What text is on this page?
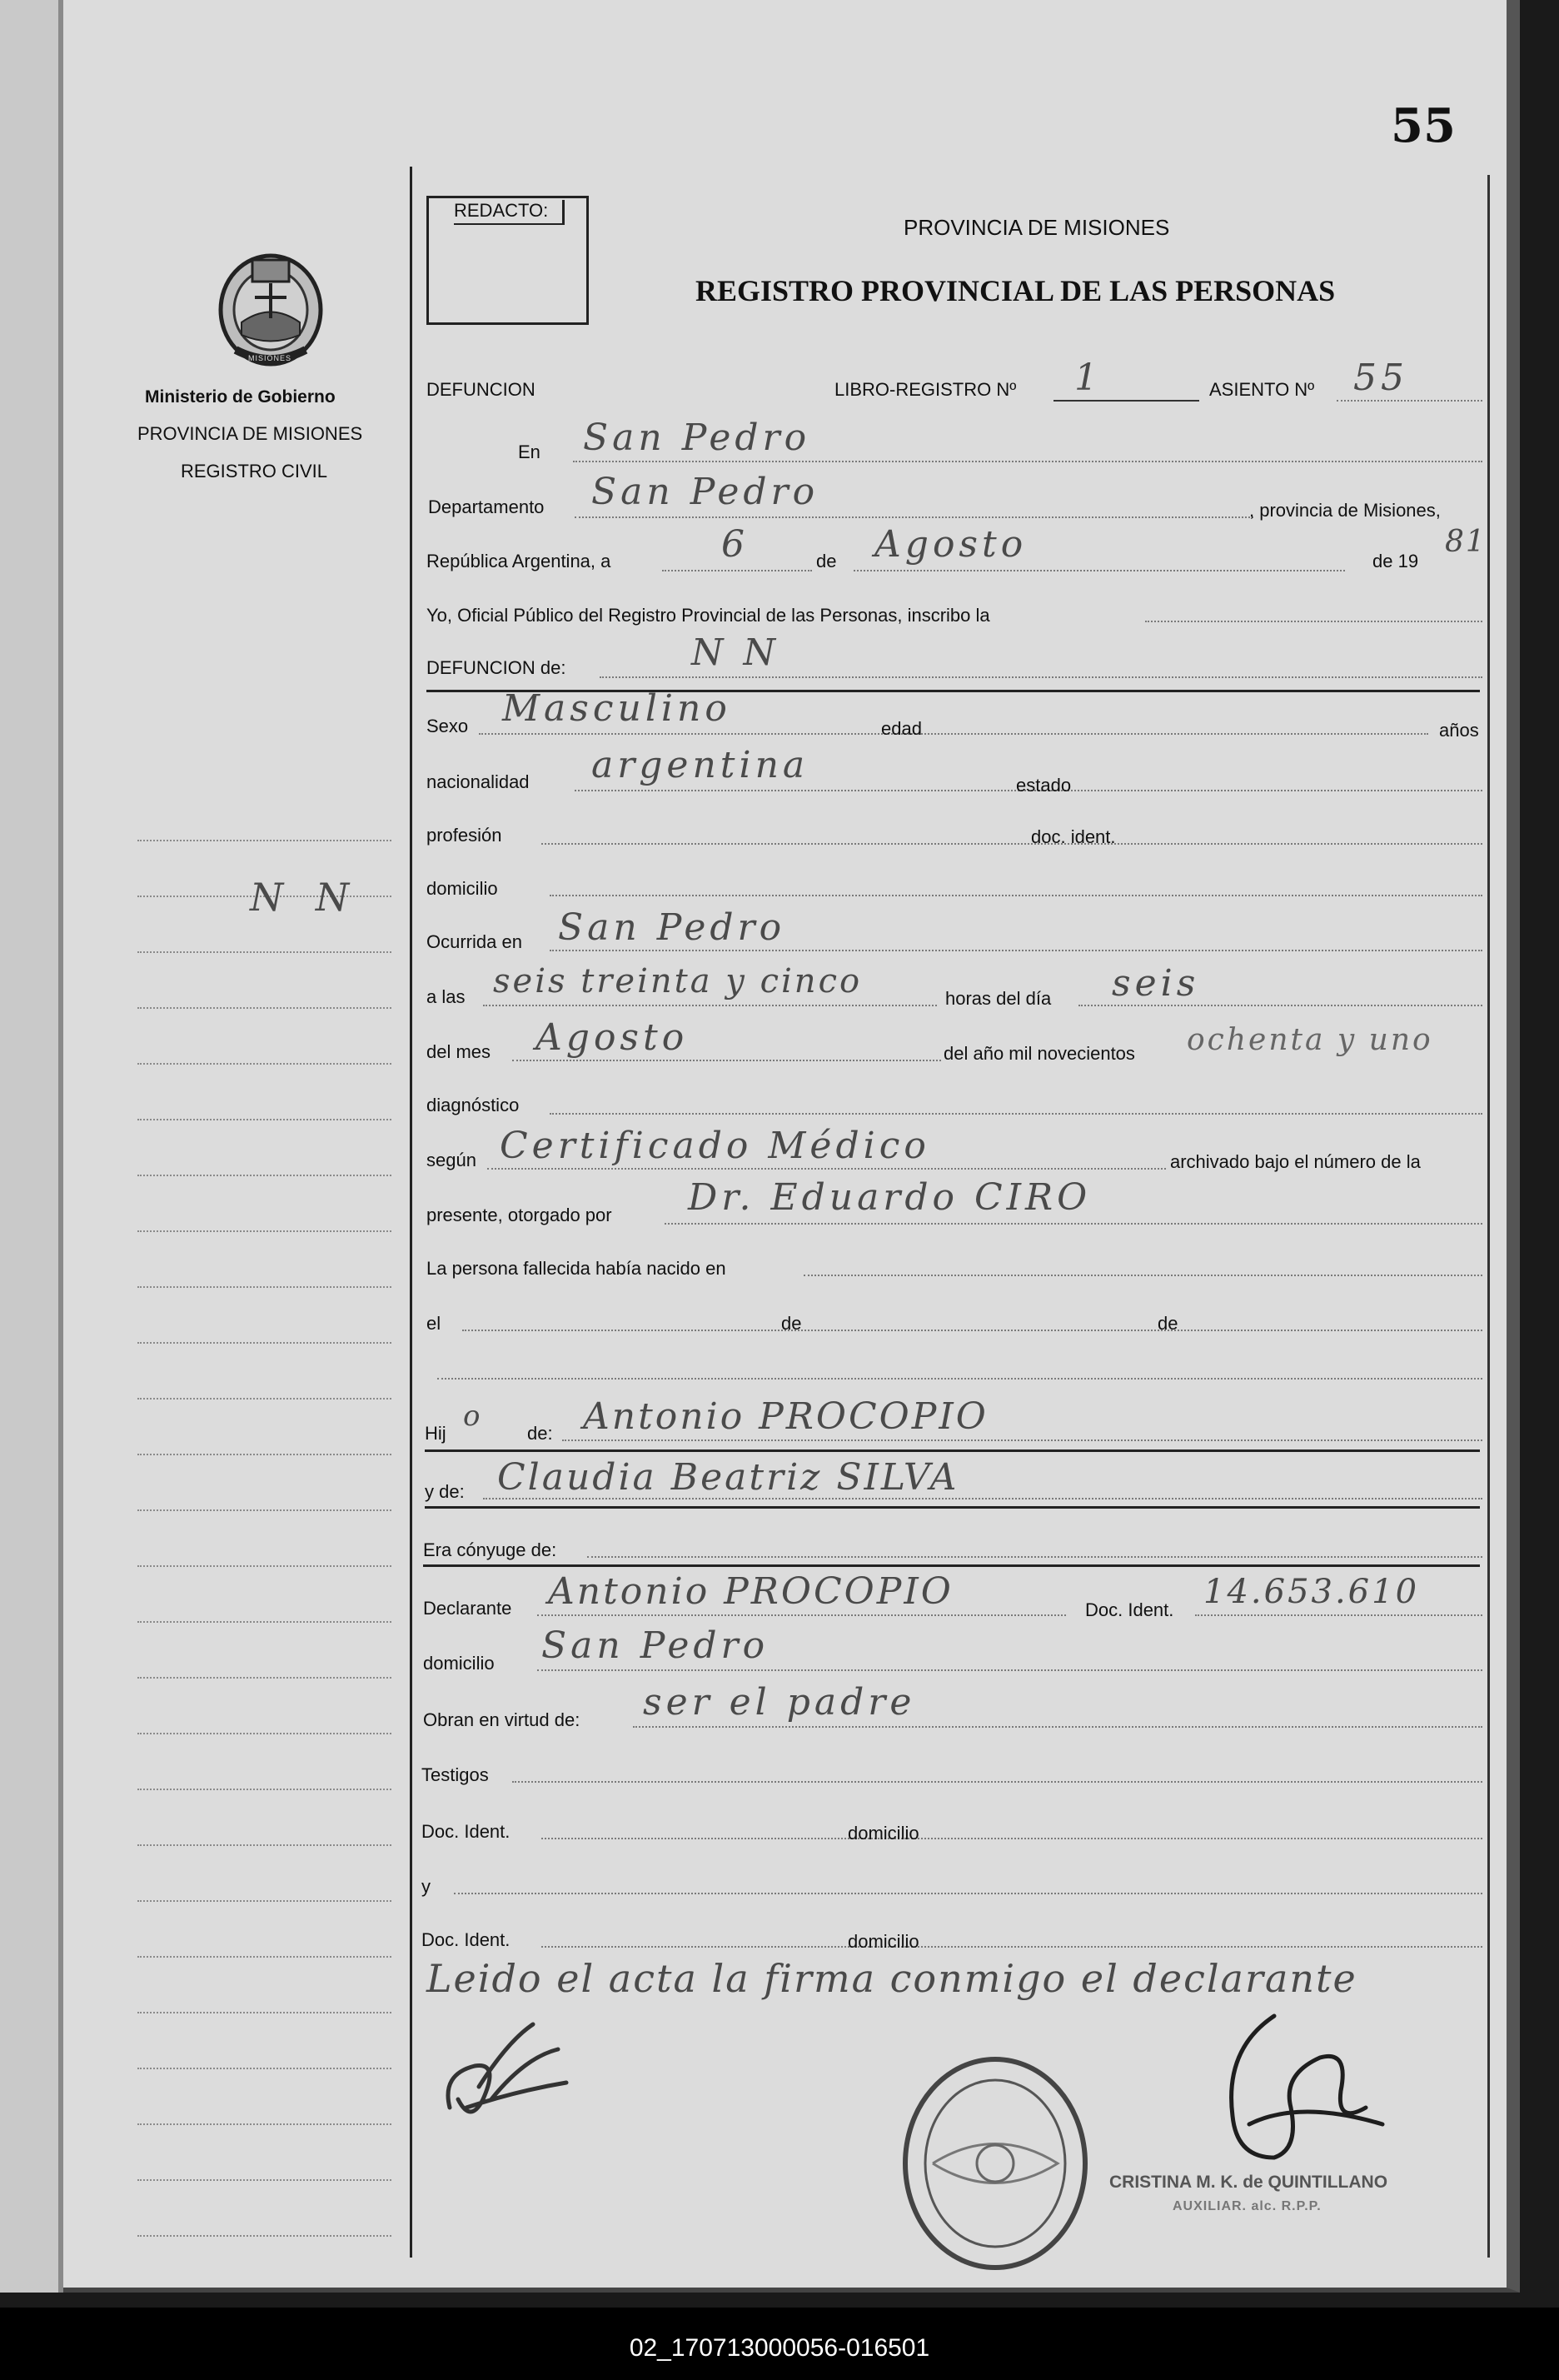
55
REDACTO:
PROVINCIA DE MISIONES
REGISTRO PROVINCIAL DE LAS PERSONAS
MISIONES
Ministerio de Gobierno
PROVINCIA DE MISIONES
REGISTRO CIVIL
N N
DEFUNCION	LIBRO-REGISTRO Nº 1	ASIENTO Nº 55
En San Pedro
Departamento San Pedro	, provincia de Misiones,
República Argentina, a	6	de Agosto	de 19
81
Yo, Oficial Público del Registro Provincial de las Personas, inscribo la
DEFUNCION de:	N N
Sexo Masculino	edad	años
nacionalidad argentina	estado
profesión	doc. ident.
domicilio
Ocurrida en San Pedro
a las seis treinta y cinco	horas del día seis
del mes Agosto	del año mil novecientos ochenta y uno
diagnóstico
según Certificado Médico	archivado bajo el número de la
presente, otorgado por Dr. Eduardo CIRO
La persona fallecida había nacido en
el	de	de
Hij
o
de: Antonio PROCOPIO
y de: Claudia Beatriz SILVA
Era cónyuge de:
Declarante Antonio PROCOPIO	Doc. Ident. 14.653.610
domicilio San Pedro
Obran en virtud de: ser el padre
Testigos
Doc. Ident.	domicilio
y
Doc. Ident.	domicilio
Leido el acta la firma conmigo el declarante
CRISTINA M. K. de QUINTILLANO
AUXILIAR. alc. R.P.P.
02_170713000056-016501
